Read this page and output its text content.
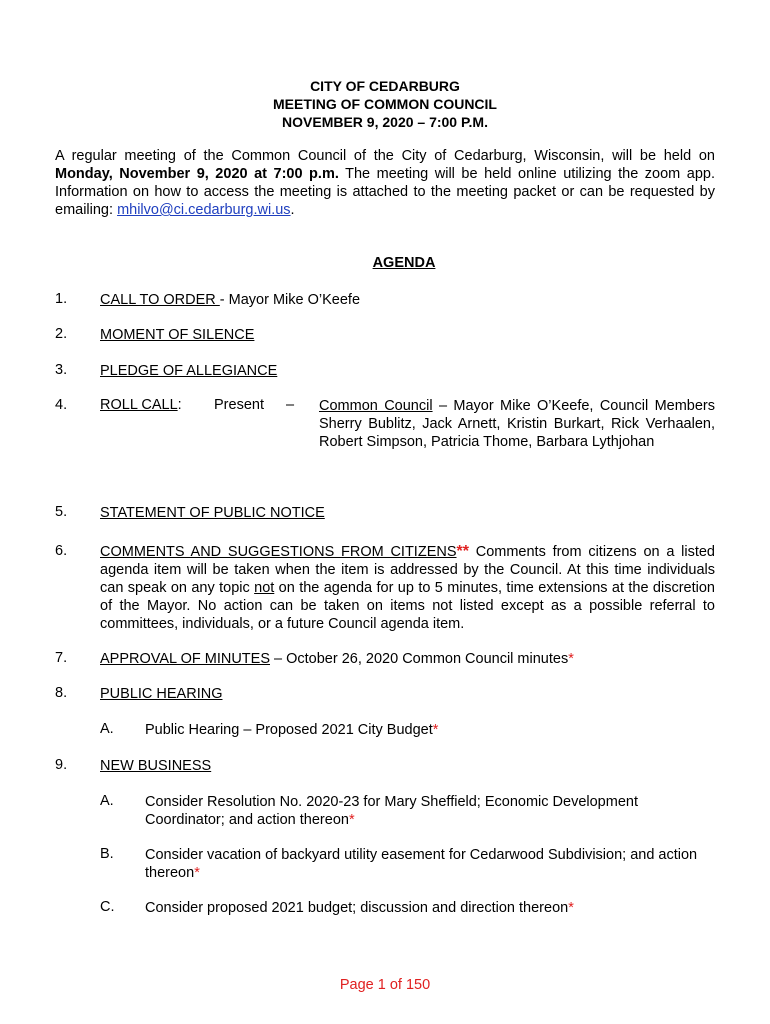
CITY OF CEDARBURG
MEETING OF COMMON COUNCIL
NOVEMBER 9, 2020 – 7:00 P.M.
A regular meeting of the Common Council of the City of Cedarburg, Wisconsin, will be held on Monday, November 9, 2020 at 7:00 p.m. The meeting will be held online utilizing the zoom app. Information on how to access the meeting is attached to the meeting packet or can be requested by emailing: mhilvo@ci.cedarburg.wi.us.
AGENDA
1. CALL TO ORDER - Mayor Mike O’Keefe
2. MOMENT OF SILENCE
3. PLEDGE OF ALLEGIANCE
4. ROLL CALL: Present – Common Council – Mayor Mike O’Keefe, Council Members Sherry Bublitz, Jack Arnett, Kristin Burkart, Rick Verhaalen, Robert Simpson, Patricia Thome, Barbara Lythjohan
5. STATEMENT OF PUBLIC NOTICE
6. COMMENTS AND SUGGESTIONS FROM CITIZENS** Comments from citizens on a listed agenda item will be taken when the item is addressed by the Council. At this time individuals can speak on any topic not on the agenda for up to 5 minutes, time extensions at the discretion of the Mayor. No action can be taken on items not listed except as a possible referral to committees, individuals, or a future Council agenda item.
7. APPROVAL OF MINUTES – October 26, 2020 Common Council minutes*
8. PUBLIC HEARING
A. Public Hearing – Proposed 2021 City Budget*
9. NEW BUSINESS
A. Consider Resolution No. 2020-23 for Mary Sheffield; Economic Development Coordinator; and action thereon*
B. Consider vacation of backyard utility easement for Cedarwood Subdivision; and action thereon*
C. Consider proposed 2021 budget; discussion and direction thereon*
Page 1 of 150
